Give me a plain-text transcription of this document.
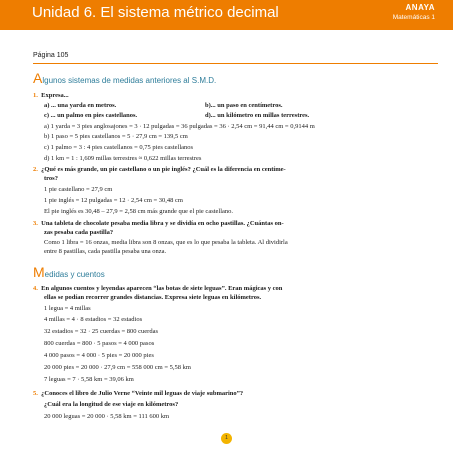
Unidad 6. El sistema métrico decimal	ANAYA
Matemáticas 1
Página 105
Algunos sistemas de medidas anteriores al S.M.D.
1. Expresa...
a) ... una yarda en metros.	b)... un paso en centímetros.
c) ... un palmo en pies castellanos.	d)... un kilómetro en millas terrestres.
a) 1 yarda = 3 pies anglosajones = 3 · 12 pulgadas = 36 pulgadas = 36 · 2,54 cm = 91,44 cm = 0,9144 m
b) 1 paso = 5 pies castellanos = 5 · 27,9 cm = 139,5 cm
c) 1 palmo = 3 : 4 pies castellanos = 0,75 pies castellanos
d) 1 km = 1 : 1,609 millas terrestres ≈ 0,622 millas terrestres
2. ¿Qué es más grande, un pie castellano o un pie inglés? ¿Cuál es la diferencia en centíme-
tros?
1 pie castellano = 27,9 cm
1 pie inglés = 12 pulgadas = 12 · 2,54 cm = 30,48 cm
El pie inglés es 30,48 – 27,9 = 2,58 cm más grande que el pie castellano.
3. Una tableta de chocolate pesaba media libra y se dividía en ocho pastillas. ¿Cuántas on-
zas pesaba cada pastilla?
Como 1 libra = 16 onzas, media libra son 8 onzas, que es lo que pesaba la tableta. Al dividirla
entre 8 pastillas, cada pastilla pesaba una onza.
Medidas y cuentos
4. En algunos cuentos y leyendas aparecen “las botas de siete leguas”. Eran mágicas y con
ellas se podían recorrer grandes distancias. Expresa siete leguas en kilómetros.
1 legua = 4 millas
4 millas = 4 · 8 estadios = 32 estadios
32 estadios = 32 · 25 cuerdas = 800 cuerdas
800 cuerdas = 800 · 5 pasos = 4 000 pasos
4 000 pasos = 4 000 · 5 pies = 20 000 pies
20 000 pies = 20 000 · 27,9 cm = 558 000 cm = 5,58 km
7 leguas = 7 · 5,58 km = 39,06 km
5. ¿Conoces el libro de Julio Verne “Veinte mil leguas de viaje submarino”?
¿Cuál era la longitud de ese viaje en kilómetros?
20 000 leguas = 20 000 · 5,58 km = 111 600 km
1
